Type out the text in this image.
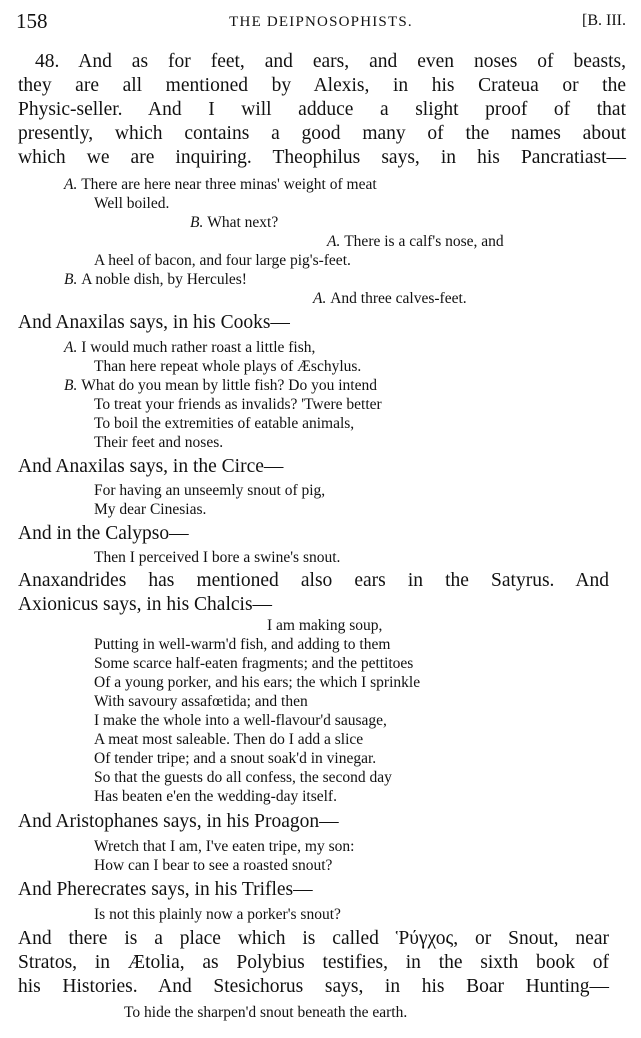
158	THE DEIPNOSOPHISTS.	[B. III.
48. And as for feet, and ears, and even noses of beasts,
they are all mentioned by Alexis, in his Crateua or the
Physic-seller. And I will adduce a slight proof of that
presently, which contains a good many of the names about
which we are inquiring. Theophilus says, in his Pancratiast—
A. There are here near three minas' weight of meat
Well boiled.
B. What next?
A. There is a calf's nose, and
A heel of bacon, and four large pig's-feet.
B. A noble dish, by Hercules!
A. And three calves-feet.
And Anaxilas says, in his Cooks—
A. I would much rather roast a little fish,
Than here repeat whole plays of Æschylus.
B. What do you mean by little fish? Do you intend
To treat your friends as invalids? 'Twere better
To boil the extremities of eatable animals,
Their feet and noses.
And Anaxilas says, in the Circe—
For having an unseemly snout of pig,
My dear Cinesias.
And in the Calypso—
Then I perceived I bore a swine's snout.
Anaxandrides has mentioned also ears in the Satyrus. And
Axionicus says, in his Chalcis—
I am making soup,
Putting in well-warm'd fish, and adding to them
Some scarce half-eaten fragments; and the pettitoes
Of a young porker, and his ears; the which I sprinkle
With savoury assafœtida; and then
I make the whole into a well-flavour'd sausage,
A meat most saleable. Then do I add a slice
Of tender tripe; and a snout soak'd in vinegar.
So that the guests do all confess, the second day
Has beaten e'en the wedding-day itself.
And Aristophanes says, in his Proagon—
Wretch that I am, I've eaten tripe, my son:
How can I bear to see a roasted snout?
And Pherecrates says, in his Trifles—
Is not this plainly now a porker's snout?
And there is a place which is called Ῥύγχος, or Snout, near
Stratos, in Ætolia, as Polybius testifies, in the sixth book of
his Histories. And Stesichorus says, in his Boar Hunting—
To hide the sharpen'd snout beneath the earth.
